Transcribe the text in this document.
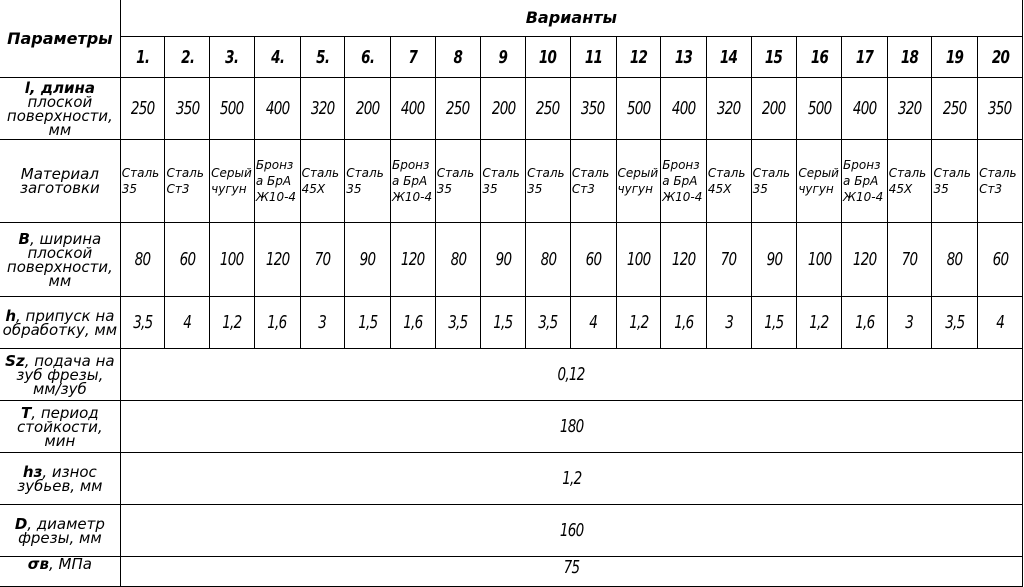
Параметры	Варианты																			
	1.	2.	3.	4.	5.	6.	7	8	9	10	11	12	13	14	15	16	17	18	19	20
l, длина плоской поверхности, мм	250	350	500	400	320	200	400	250	200	250	350	500	400	320	200	500	400	320	250	350
Материал заготовки	Сталь 35	Сталь Ст3	Серый чугун	Бронза БрА Ж10-4	Сталь 45Х	Сталь 35	Бронза БрА Ж10-4	Сталь 35	Сталь 35	Сталь 35	Сталь Ст3	Серый чугун	Бронза БрА Ж10-4	Сталь 45Х	Сталь 35	Серый чугун	Бронза БрА Ж10-4	Сталь 45Х	Сталь 35	Сталь Ст3
B, ширина плоской поверхности, мм	80	60	100	120	70	90	120	80	90	80	60	100	120	70	90	100	120	70	80	60
h, припуск на обработку, мм	3,5	4	1,2	1,6	3	1,5	1,6	3,5	1,5	3,5	4	1,2	1,6	3	1,5	1,2	1,6	3	3,5	4
Sz, подача на зуб фрезы, мм/зуб	0,12																			
T, период стойкости, мин	180																			
hз, износ зубьев, мм	1,2																			
D, диаметр фрезы, мм	160																			
σв, МПа	75																			
